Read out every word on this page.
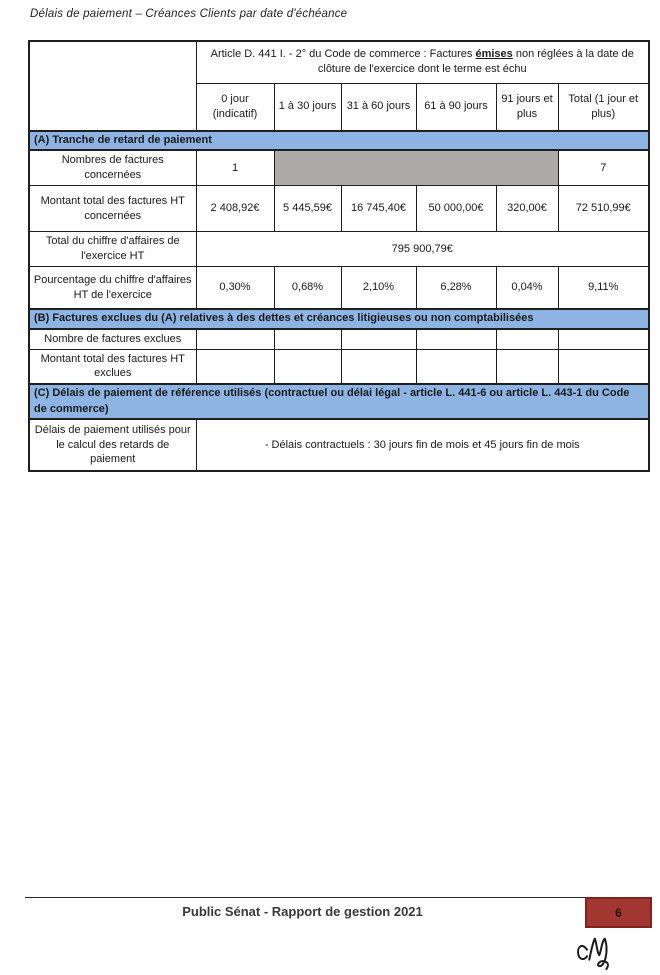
Délais de paiement – Créances Clients par date d'échéance
	Article D. 441 I. - 2° du Code de commerce : Factures émises non réglées à la date de clôture de l'exercice dont le terme est échu					
	0 jour (indicatif)	1 à 30 jours	31 à 60 jours	61 à 90 jours	91 jours et plus	Total (1 jour et plus)
(A) Tranche de retard de paiement						
Nombres de factures concernées	1					7
Montant total des factures HT concernées	2 408,92€	5 445,59€	16 745,40€	50 000,00€	320,00€	72 510,99€
Total du chiffre d'affaires de l'exercice HT	795 900,79€					
Pourcentage du chiffre d'affaires HT de l'exercice	0,30%	0,68%	2,10%	6,28%	0,04%	9,11%
(B) Factures exclues du (A) relatives à des dettes et créances litigieuses ou non comptabilisées						
Nombre de factures exclues						
Montant total des factures HT exclues						
(C) Délais de paiement de référence utilisés (contractuel ou délai légal - article L. 441-6 ou article L. 443-1 du Code de commerce)						
Délais de paiement utilisés pour le calcul des retards de paiement	- Délais contractuels : 30 jours fin de mois et 45 jours fin de mois					
Public Sénat - Rapport de gestion 2021	6
